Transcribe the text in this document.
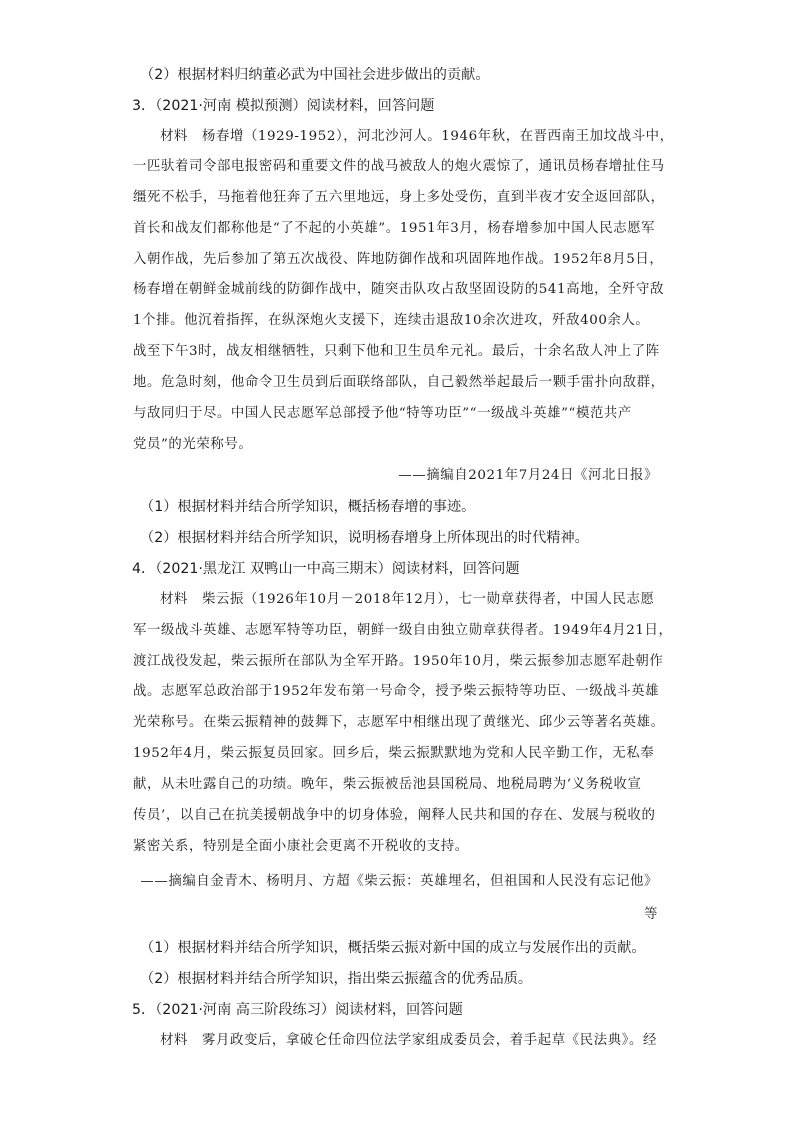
（2）根据材料归纳董必武为中国社会进步做出的贡献。
3．（2021·河南 模拟预测）阅读材料，回答问题
材料　杨春增（1929-1952），河北沙河人。1946年秋，在晋西南王加坟战斗中，
一匹驮着司令部电报密码和重要文件的战马被敌人的炮火震惊了，通讯员杨春增扯住马
缰死不松手，马拖着他狂奔了五六里地远，身上多处受伤，直到半夜才安全返回部队，
首长和战友们都称他是“了不起的小英雄”。1951年3月，杨春增参加中国人民志愿军
入朝作战，先后参加了第五次战役、阵地防御作战和巩固阵地作战。1952年8月5日，
杨春增在朝鲜金城前线的防御作战中，随突击队攻占敌坚固设防的541高地，全歼守敌
1个排。他沉着指挥，在纵深炮火支援下，连续击退敌10余次进攻，歼敌400余人。
战至下午3时，战友相继牺牲，只剩下他和卫生员牟元礼。最后，十余名敌人冲上了阵
地。危急时刻，他命令卫生员到后面联络部队，自己毅然举起最后一颗手雷扑向敌群，
与敌同归于尽。中国人民志愿军总部授予他“特等功臣”“一级战斗英雄”“模范共产
党员”的光荣称号。
——摘编自2021年7月24日《河北日报》
（1）根据材料并结合所学知识，概括杨春增的事迹。
（2）根据材料并结合所学知识，说明杨春增身上所体现出的时代精神。
4．（2021·黑龙江 双鸭山一中高三期末）阅读材料，回答问题
材料　柴云振（1926年10月－2018年12月），七一勋章获得者，中国人民志愿
军一级战斗英雄、志愿军特等功臣，朝鲜一级自由独立勋章获得者。1949年4月21日，
渡江战役发起，柴云振所在部队为全军开路。1950年10月，柴云振参加志愿军赴朝作
战。志愿军总政治部于1952年发布第一号命令，授予柴云振特等功臣、一级战斗英雄
光荣称号。在柴云振精神的鼓舞下，志愿军中相继出现了黄继光、邱少云等著名英雄。
1952年4月，柴云振复员回家。回乡后，柴云振默默地为党和人民辛勤工作，无私奉
献，从未吐露自己的功绩。晚年，柴云振被岳池县国税局、地税局聘为‘义务税收宣
传员’，以自己在抗美援朝战争中的切身体验，阐释人民共和国的存在、发展与税收的
紧密关系，特别是全面小康社会更离不开税收的支持。
——摘编自金青木、杨明月、方超《柴云振：英雄埋名，但祖国和人民没有忘记他》
等
（1）根据材料并结合所学知识，概括柴云振对新中国的成立与发展作出的贡献。
（2）根据材料并结合所学知识，指出柴云振蕴含的优秀品质。
5．（2021·河南 高三阶段练习）阅读材料，回答问题
材料　雾月政变后，拿破仑任命四位法学家组成委员会，着手起草《民法典》。经
